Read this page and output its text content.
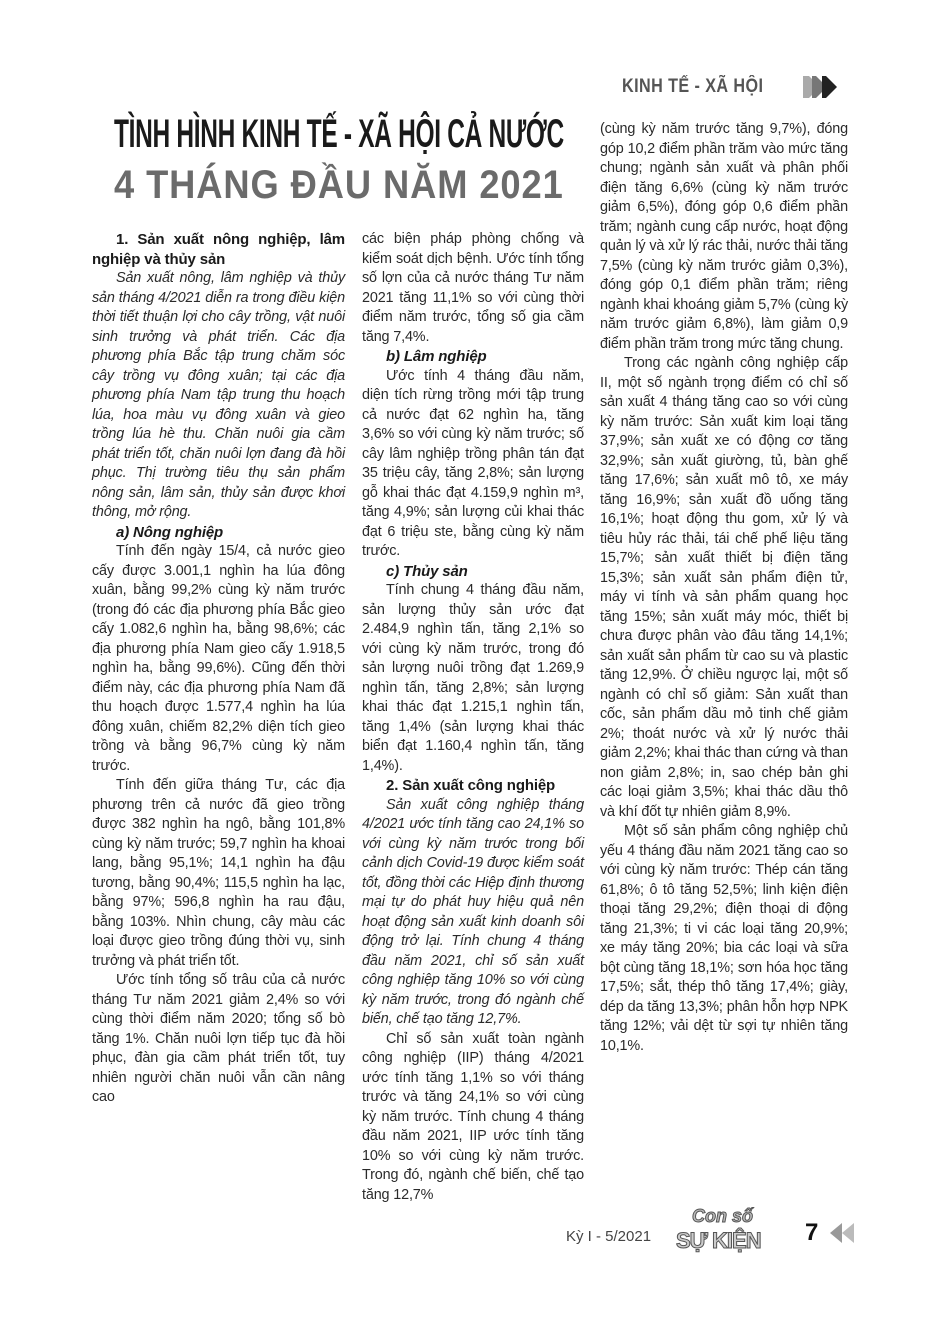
KINH TẾ - XÃ HỘI
TÌNH HÌNH KINH TẾ - XÃ HỘI CẢ NƯỚC
4 THÁNG ĐẦU NĂM 2021

1. Sản xuất nông nghiệp, lâm nghiệp và thủy sản

Sản xuất nông, lâm nghiệp và thủy sản tháng 4/2021 diễn ra trong điều kiện thời tiết thuận lợi cho cây trồng, vật nuôi sinh trưởng và phát triển. Các địa phương phía Bắc tập trung chăm sóc cây trồng vụ đông xuân; tại các địa phương phía Nam tập trung thu hoạch lúa, hoa màu vụ đông xuân và gieo trồng lúa hè thu. Chăn nuôi gia cầm phát triển tốt, chăn nuôi lợn đang đà hồi phục. Thị trường tiêu thụ sản phẩm nông sản, lâm sản, thủy sản được khơi thông, mở rộng.

a) Nông nghiệp

Tính đến ngày 15/4, cả nước gieo cấy được 3.001,1 nghìn ha lúa đông xuân, bằng 99,2% cùng kỳ năm trước (trong đó các địa phương phía Bắc gieo cấy 1.082,6 nghìn ha, bằng 98,6%; các địa phương phía Nam gieo cấy 1.918,5 nghìn ha, bằng 99,6%). Cũng đến thời điểm này, các địa phương phía Nam đã thu hoạch được 1.577,4 nghìn ha lúa đông xuân, chiếm 82,2% diện tích gieo trồng và bằng 96,7% cùng kỳ năm trước.

Tính đến giữa tháng Tư, các địa phương trên cả nước đã gieo trồng được 382 nghìn ha ngô, bằng 101,8% cùng kỳ năm trước; 59,7 nghìn ha khoai lang, bằng 95,1%; 14,1 nghìn ha đậu tương, bằng 90,4%; 115,5 nghìn ha lạc, bằng 97%; 596,8 nghìn ha rau đậu, bằng 103%. Nhìn chung, cây màu các loại được gieo trồng đúng thời vụ, sinh trưởng và phát triển tốt.

Ước tính tổng số trâu của cả nước tháng Tư năm 2021 giảm 2,4% so với cùng thời điểm năm 2020; tổng số bò tăng 1%. Chăn nuôi lợn tiếp tục đà hồi phục, đàn gia cầm phát triển tốt, tuy nhiên người chăn nuôi vẫn cần nâng cao

các biện pháp phòng chống và kiểm soát dịch bệnh. Ước tính tổng số lợn của cả nước tháng Tư năm 2021 tăng 11,1% so với cùng thời điểm năm trước, tổng số gia cầm tăng 7,4%.

b) Lâm nghiệp

Ước tính 4 tháng đầu năm, diện tích rừng trồng mới tập trung cả nước đạt 62 nghìn ha, tăng 3,6% so với cùng kỳ năm trước; số cây lâm nghiệp trồng phân tán đạt 35 triệu cây, tăng 2,8%; sản lượng gỗ khai thác đạt 4.159,9 nghìn m³, tăng 4,9%; sản lượng củi khai thác đạt 6 triệu ste, bằng cùng kỳ năm trước.

c) Thủy sản

Tính chung 4 tháng đầu năm, sản lượng thủy sản ước đạt 2.484,9 nghìn tấn, tăng 2,1% so với cùng kỳ năm trước, trong đó sản lượng nuôi trồng đạt 1.269,9 nghìn tấn, tăng 2,8%; sản lượng khai thác đạt 1.215,1 nghìn tấn, tăng 1,4% (sản lượng khai thác biển đạt 1.160,4 nghìn tấn, tăng 1,4%).

2. Sản xuất công nghiệp

Sản xuất công nghiệp tháng 4/2021 ước tính tăng cao 24,1% so với cùng kỳ năm trước trong bối cảnh dịch Covid-19 được kiểm soát tốt, đồng thời các Hiệp định thương mại tự do phát huy hiệu quả nên hoạt động sản xuất kinh doanh sôi động trở lại. Tính chung 4 tháng đầu năm 2021, chỉ số sản xuất công nghiệp tăng 10% so với cùng kỳ năm trước, trong đó ngành chế biến, chế tạo tăng 12,7%.

Chỉ số sản xuất toàn ngành công nghiệp (IIP) tháng 4/2021 ước tính tăng 1,1% so với tháng trước và tăng 24,1% so với cùng kỳ năm trước. Tính chung 4 tháng đầu năm 2021, IIP ước tính tăng 10% so với cùng kỳ năm trước. Trong đó, ngành chế biến, chế tạo tăng 12,7%

(cùng kỳ năm trước tăng 9,7%), đóng góp 10,2 điểm phần trăm vào mức tăng chung; ngành sản xuất và phân phối điện tăng 6,6% (cùng kỳ năm trước giảm 6,5%), đóng góp 0,6 điểm phần trăm; ngành cung cấp nước, hoạt động quản lý và xử lý rác thải, nước thải tăng 7,5% (cùng kỳ năm trước giảm 0,3%), đóng góp 0,1 điểm phần trăm; riêng ngành khai khoáng giảm 5,7% (cùng kỳ năm trước giảm 6,8%), làm giảm 0,9 điểm phần trăm trong mức tăng chung.

Trong các ngành công nghiệp cấp II, một số ngành trọng điểm có chỉ số sản xuất 4 tháng tăng cao so với cùng kỳ năm trước: Sản xuất kim loại tăng 37,9%; sản xuất xe có động cơ tăng 32,9%; sản xuất giường, tủ, bàn ghế tăng 17,6%; sản xuất mô tô, xe máy tăng 16,9%; sản xuất đồ uống tăng 16,1%; hoạt động thu gom, xử lý và tiêu hủy rác thải, tái chế phế liệu tăng 15,7%; sản xuất thiết bị điện tăng 15,3%; sản xuất sản phẩm điện tử, máy vi tính và sản phẩm quang học tăng 15%; sản xuất máy móc, thiết bị chưa được phân vào đâu tăng 14,1%; sản xuất sản phẩm từ cao su và plastic tăng 12,9%. Ở chiều ngược lại, một số ngành có chỉ số giảm: Sản xuất than cốc, sản phẩm dầu mỏ tinh chế giảm 2%; thoát nước và xử lý nước thải giảm 2,2%; khai thác than cứng và than non giảm 2,8%; in, sao chép bản ghi các loại giảm 3,5%; khai thác dầu thô và khí đốt tự nhiên giảm 8,9%.

Một số sản phẩm công nghiệp chủ yếu 4 tháng đầu năm 2021 tăng cao so với cùng kỳ năm trước: Thép cán tăng 61,8%; ô tô tăng 52,5%; linh kiện điện thoại tăng 29,2%; điện thoại di động tăng 21,3%; ti vi các loại tăng 20,9%; xe máy tăng 20%; bia các loại và sữa bột cùng tăng 18,1%; sơn hóa học tăng 17,5%; sắt, thép thô tăng 17,4%; giày, dép da tăng 13,3%; phân hỗn hợp NPK tăng 12%; vải dệt từ sợi tự nhiên tăng 10,1%.

Kỳ I - 5/2021
Con số
SỰ KIỆN 7
